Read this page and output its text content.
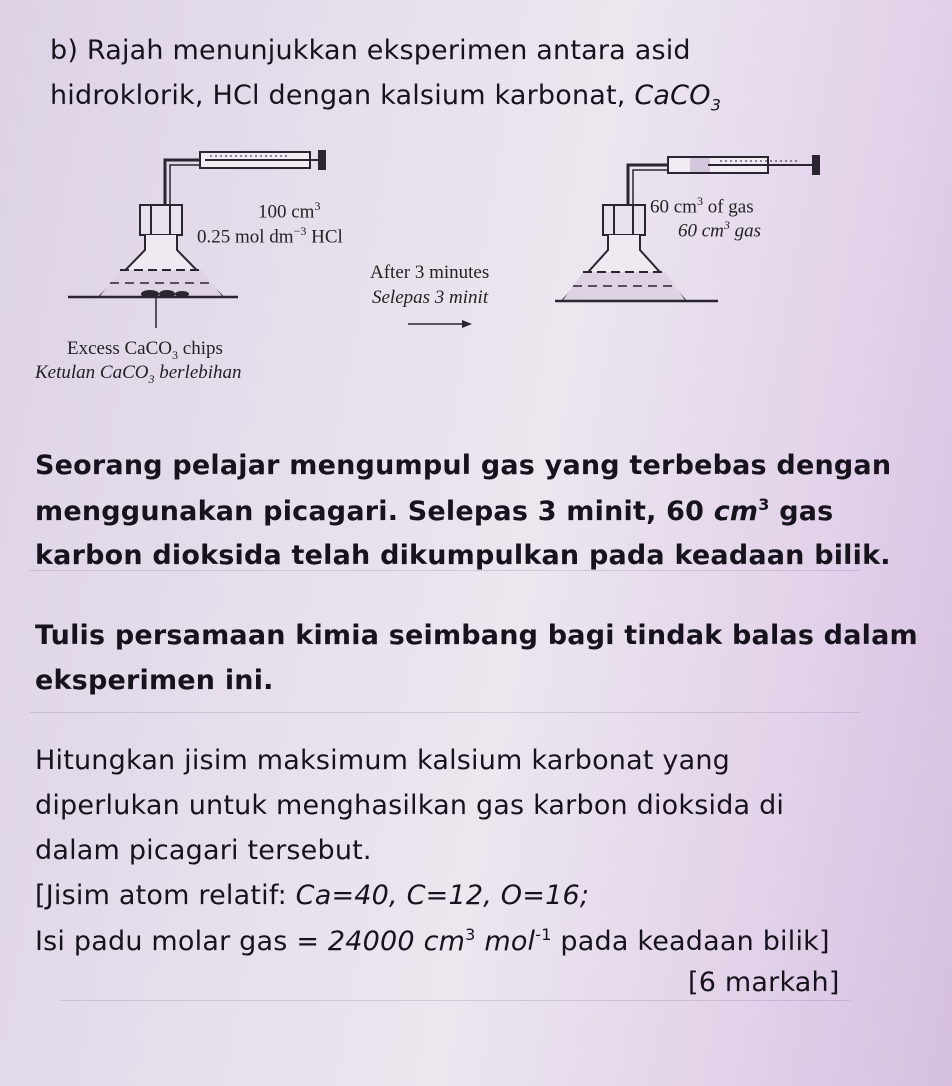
b) Rajah menunjukkan eksperimen antara asid
hidroklorik, HCl dengan kalsium karbonat, CaCO$_3$
100 $cm^3$
0.25 mol $dm^{-3}$ HCl
Excess CaCO$_3$ chips
Ketulan CaCO$_3$ berlebihan
After 3 minutes
Selepas 3 minit
60 $cm^3$ of gas
60 $cm^3$ gas
Seorang pelajar mengumpul gas yang terbebas dengan
menggunakan picagari. Selepas 3 minit, 60 $cm^3$ gas
karbon dioksida telah dikumpulkan pada keadaan bilik.
Tulis persamaan kimia seimbang bagi tindak balas dalam
eksperimen ini.
Hitungkan jisim maksimum kalsium karbonat yang
diperlukan untuk menghasilkan gas karbon dioksida di
dalam picagari tersebut.
[Jisim atom relatif: Ca=40, C=12, O=16;
Isi padu molar gas = 24000 $cm^3$ mol$^{-1}$ pada keadaan bilik]
[6 markah]
